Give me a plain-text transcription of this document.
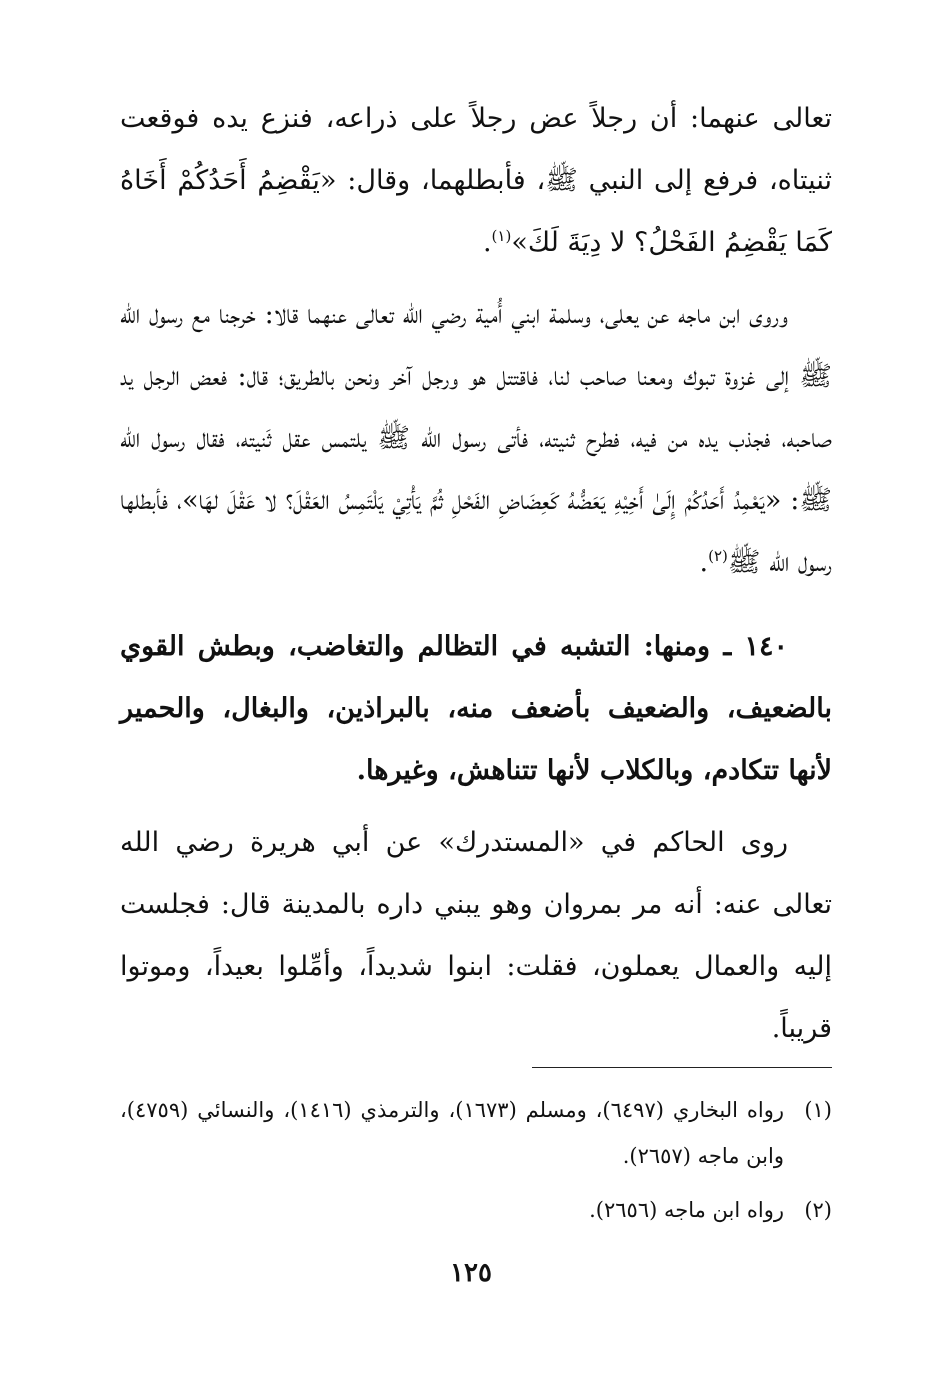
تعالى عنهما: أن رجلاً عض رجلاً على ذراعه، فنزع يده فوقعت ثنيتاه، فرفع إلى النبي ﷺ، فأبطلهما، وقال: «يَقْضِمُ أَحَدُكُمْ أَخَاهُ كَمَا يَقْضِمُ الفَحْلُ؟ لا دِيَةَ لَكَ»$^{(١)}$.

وروى ابن ماجه عن يعلى، وسلمة ابني أُمية رضي الله تعالى عنهما قالا: خرجنا مع رسول الله ﷺ إلى غزوة تبوك ومعنا صاحب لنا، فاقتتل هو ورجل آخر ونحن بالطريق؛ قال: فعض الرجل يد صاحبه، فجذب يده من فيه، فطرح ثنيته، فأتى رسول الله ﷺ يلتمس عقل ثَنيته، فقال رسول الله ﷺ: «يَعْمِدُ أَحَدُكُمْ إِلَىٰ أَخِيْهِ يَعَضُّهُ كَعِضَاضِ الفَحْلِ ثُمَّ يَأْتِيْ يَلْتَمِسُ العَقْلَ؟ لا عَقْلَ لهَا»، فأبطلها رسول الله ﷺ$^{(٢)}$.

١٤٠ ـ ومنها: التشبه في التظالم والتغاضب، وبطش القوي بالضعيف، والضعيف بأضعف منه، بالبراذين، والبغال، والحمير لأنها تتكادم، وبالكلاب لأنها تتناهش، وغيرها.

روى الحاكم في «المستدرك» عن أبي هريرة رضي الله تعالى عنه: أنه مر بمروان وهو يبني داره بالمدينة قال: فجلست إليه والعمال يعملون، فقلت: ابنوا شديداً، وأمِّلوا بعيداً، وموتوا قريباً.

(١)
رواه البخاري (٦٤٩٧)، ومسلم (١٦٧٣)، والترمذي (١٤١٦)، والنسائي (٤٧٥٩)، وابن ماجه (٢٦٥٧).
(٢)
رواه ابن ماجه (٢٦٥٦).
١٢٥
